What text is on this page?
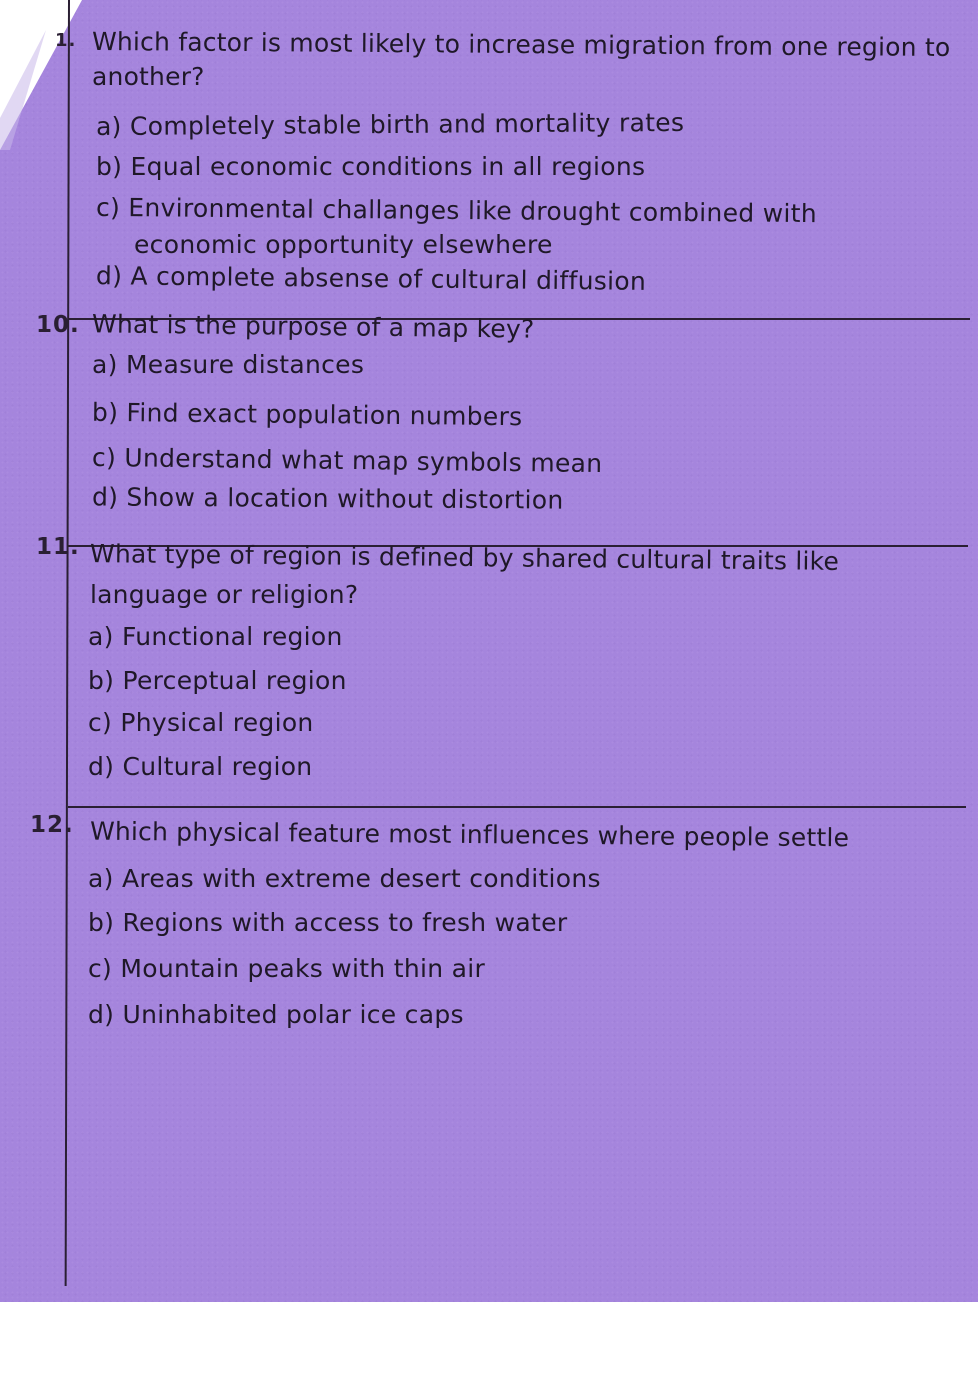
1. Which factor is most likely to increase migration from one region to
another?
a) Completely stable birth and mortality rates
b) Equal economic conditions in all regions
c) Environmental challanges like drought combined with
economic opportunity elsewhere
d) A complete absense of cultural diffusion
10. What is the purpose of a map key?
a) Measure distances
b) Find exact population numbers
c) Understand what map symbols mean
d) Show a location without distortion
11. What type of region is defined by shared cultural traits like
language or religion?
a) Functional region
b) Perceptual region
c) Physical region
d) Cultural region
12. Which physical feature most influences where people settle
a) Areas with extreme desert conditions
b) Regions with access to fresh water
c) Mountain peaks with thin air
d) Uninhabited polar ice caps
